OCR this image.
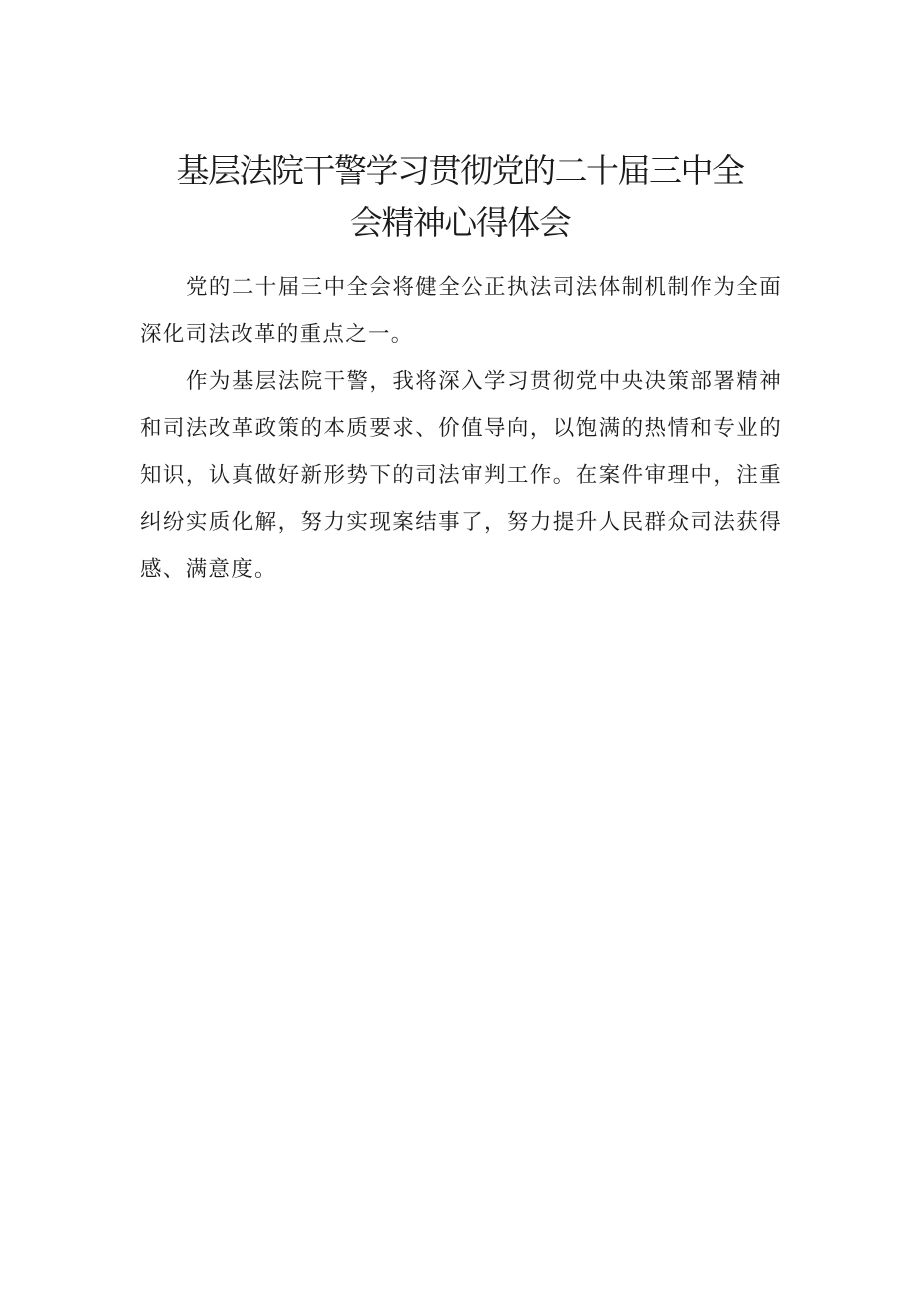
基层法院干警学习贯彻党的二十届三中全
会精神心得体会

党的二十届三中全会将健全公正执法司法体制机制作为全面深化司法改革的重点之一。

作为基层法院干警，我将深入学习贯彻党中央决策部署精神和司法改革政策的本质要求、价值导向，以饱满的热情和专业的知识，认真做好新形势下的司法审判工作。在案件审理中，注重纠纷实质化解，努力实现案结事了，努力提升人民群众司法获得感、满意度。
